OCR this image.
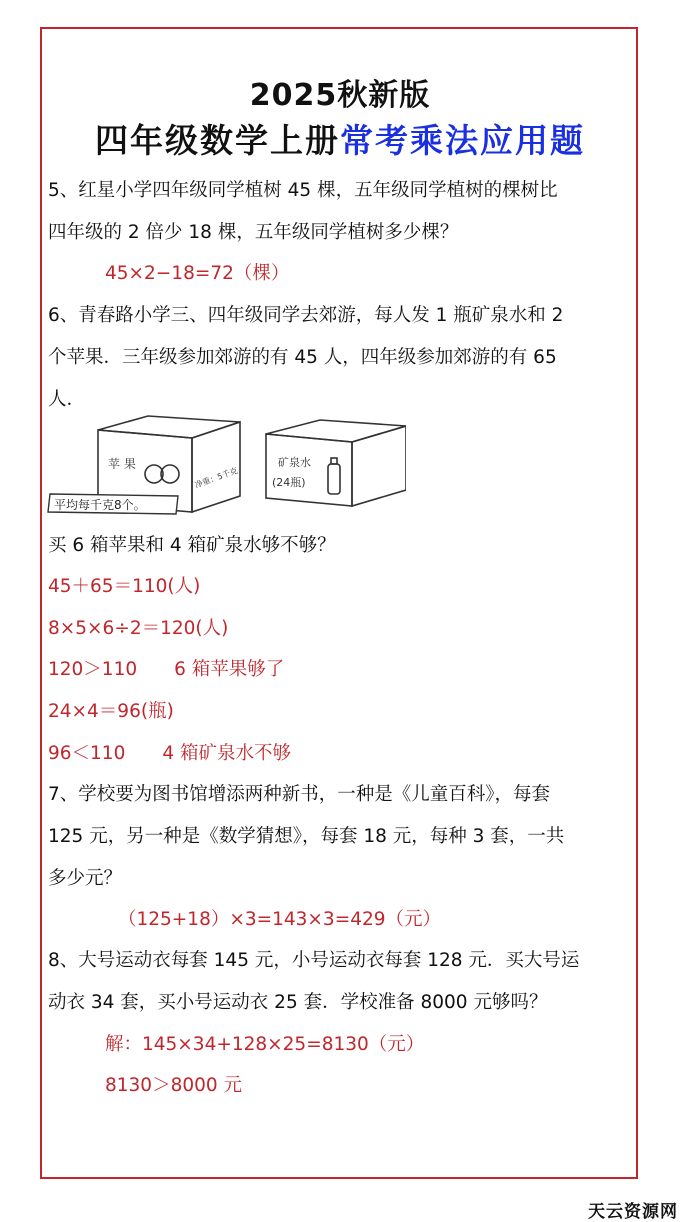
2025秋新版
四年级数学上册常考乘法应用题
5、红星小学四年级同学植树 45 棵，五年级同学植树的棵树比
四年级的 2 倍少 18 棵，五年级同学植树多少棵？
45×2−18=72（棵）
6、青春路小学三、四年级同学去郊游，每人发 1 瓶矿泉水和 2
个苹果．三年级参加郊游的有 45 人，四年级参加郊游的有 65
人．
苹 果
净重：5千克
平均每千克8个。
矿泉水
(24瓶)
买 6 箱苹果和 4 箱矿泉水够不够？
45＋65＝110(人)
8×5×6÷2＝120(人)
120＞110　　6 箱苹果够了
24×4＝96(瓶)
96＜110　　4 箱矿泉水不够
7、学校要为图书馆增添两种新书，一种是《儿童百科》，每套
125 元，另一种是《数学猜想》，每套 18 元，每种 3 套，一共
多少元？
（125+18）×3=143×3=429（元）
8、大号运动衣每套 145 元，小号运动衣每套 128 元．买大号运
动衣 34 套，买小号运动衣 25 套．学校准备 8000 元够吗？
解：145×34+128×25=8130（元）
8130＞8000 元
天云资源网
